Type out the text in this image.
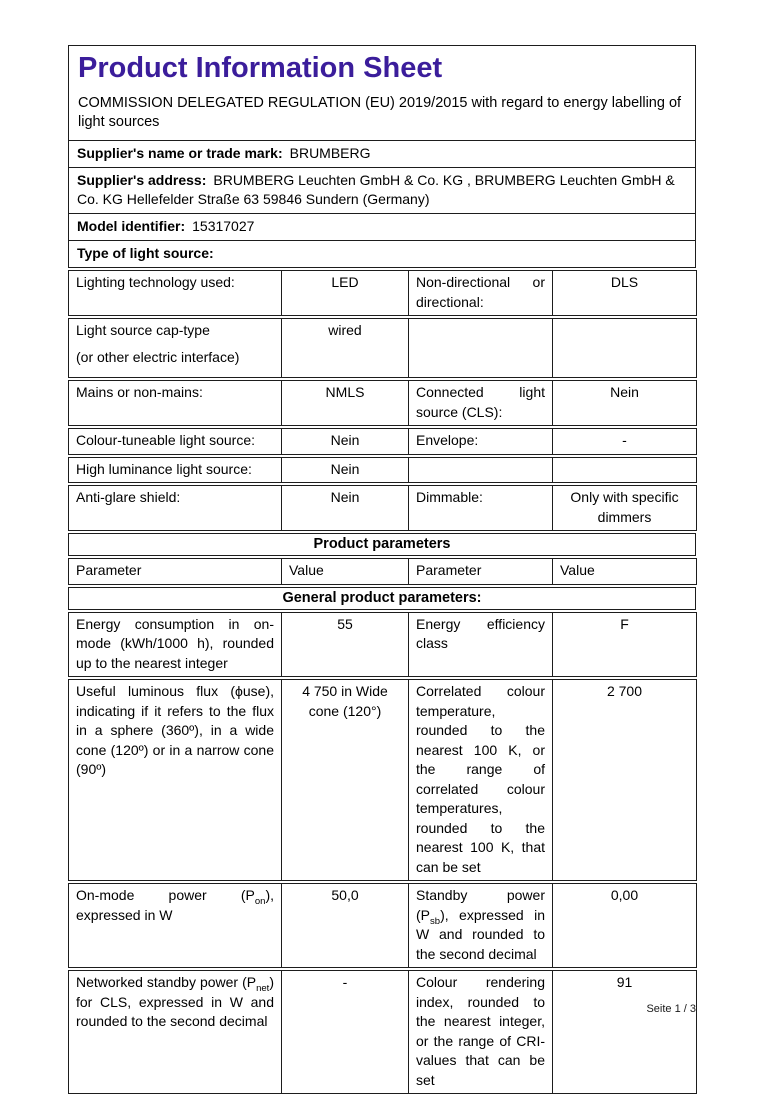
Product Information Sheet

COMMISSION DELEGATED REGULATION (EU) 2019/2015 with regard to energy labelling of light sources

Supplier's name or trade mark: BRUMBERG
Supplier's address: BRUMBERG Leuchten GmbH & Co. KG , BRUMBERG Leuchten GmbH & Co. KG Hellefelder Straße 63 59846 Sundern (Germany)
Model identifier: 15317027
Type of light source:
Lighting technology used:	LED	Non-directional or directional:	DLS

Light source cap-type

(or other electric interface)

	wired		
Mains or non-mains:	NMLS	Connected light source (CLS):	Nein
Colour-tuneable light source:	Nein	Envelope:	-
High luminance light source:	Nein		
Anti-glare shield:	Nein	Dimmable:	Only with specific dimmers
Product parameters
Parameter	Value	Parameter	Value
General product parameters:
Energy consumption in on-mode (kWh/1000 h), rounded up to the nearest integer	55	Energy efficiency class	F
Useful luminous flux (ϕuse), indicating if it refers to the flux in a sphere (360º), in a wide cone (120º) or in a narrow cone (90º)	4 750 in Wide cone (120°)	Correlated colour temperature, rounded to the nearest 100 K, or the range of correlated colour temperatures, rounded to the nearest 100 K, that can be set	2 700
On-mode power $(P_{on})$, expressed in W	50,0	Standby power $(P_{sb})$, expressed in W and rounded to the second decimal	0,00
Networked standby power $(P_{net})$ for CLS, expressed in W and rounded to the second decimal	-	Colour rendering index, rounded to the nearest integer, or the range of CRI-values that can be set	91
Seite 1 / 3
